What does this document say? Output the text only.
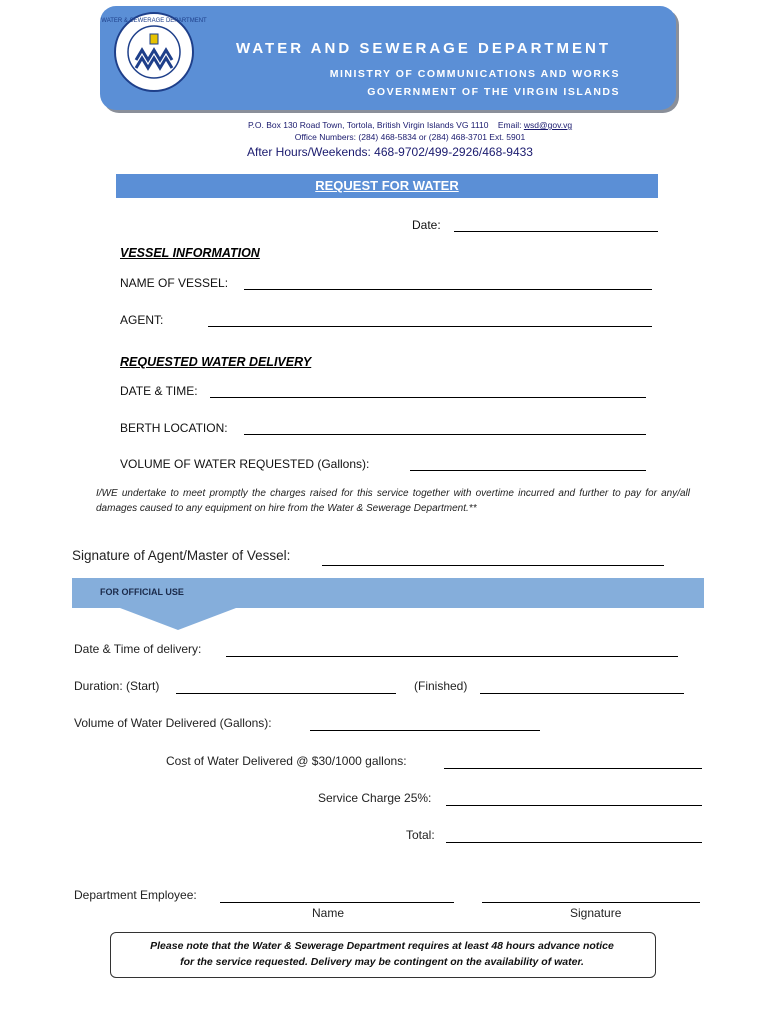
WATER & SEWERAGE DEPARTMENT
WATER AND SEWERAGE DEPARTMENT
MINISTRY OF COMMUNICATIONS AND WORKS
GOVERNMENT OF THE VIRGIN ISLANDS
P.O. Box 130 Road Town, Tortola, British Virgin Islands VG 1110 Email: wsd@gov.vg
Office Numbers: (284) 468-5834 or (284) 468-3701 Ext. 5901
After Hours/Weekends: 468-9702/499-2926/468-9433
REQUEST FOR WATER
Date:
VESSEL INFORMATION
NAME OF VESSEL:
AGENT:
REQUESTED WATER DELIVERY
DATE & TIME:
BERTH LOCATION:
VOLUME OF WATER REQUESTED (Gallons):
I/WE undertake to meet promptly the charges raised for this service together with overtime incurred and further to pay for any/all damages caused to any equipment on hire from the Water & Sewerage Department.**
Signature of Agent/Master of Vessel:
FOR OFFICIAL USE
Date & Time of delivery:
Duration: (Start)	(Finished)
Volume of Water Delivered (Gallons):
Cost of Water Delivered @ $30/1000 gallons:
Service Charge 25%:
Total:
Department Employee:
Name	Signature
Please note that the Water & Sewerage Department requires at least 48 hours advance notice
for the service requested. Delivery may be contingent on the availability of water.
